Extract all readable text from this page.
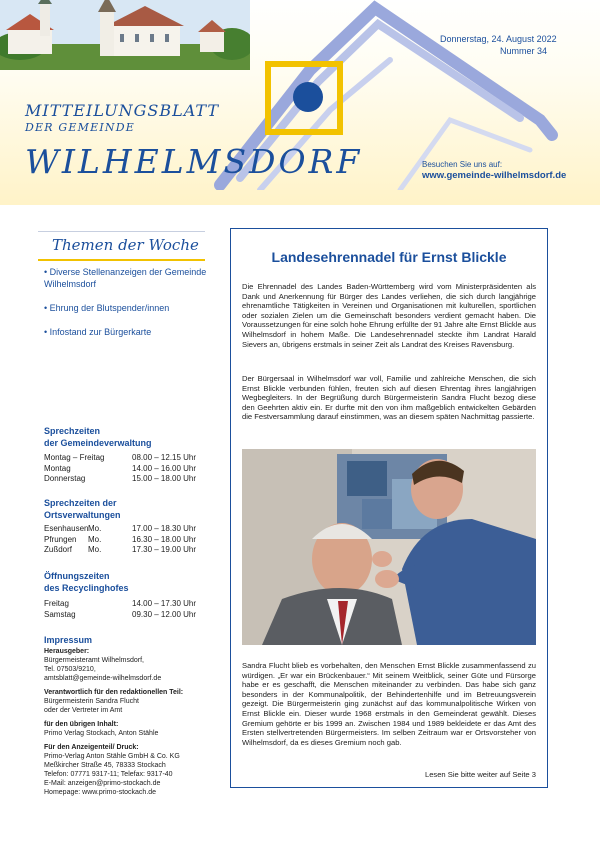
Donnerstag, 24. August 2022
Nummer 34
MITTEILUNGSBLATT
DER GEMEINDE
WILHELMSDORF	Besuchen Sie uns auf:
www.gemeinde-wilhelmsdorf.de
Themen der Woche
• Diverse Stellenanzeigen der Gemeinde Wilhelmsdorf
• Ehrung der Blutspender/innen
• Infostand zur Bürgerkarte
Sprechzeiten
der Gemeindeverwaltung
Montag – Freitag	08.00 – 12.15 Uhr
Montag	14.00 – 16.00 Uhr
Donnerstag	15.00 – 18.00 Uhr
Sprechzeiten der
Ortsverwaltungen
Esenhausen Mo.	17.00 – 18.30 Uhr
Pfrungen	Mo.	16.30 – 18.00 Uhr
Zußdorf	Mo.	17.30 – 19.00 Uhr
Öffnungszeiten
des Recyclinghofes
Freitag	14.00 – 17.30 Uhr
Samstag	09.30 – 12.00 Uhr
Impressum
Herausgeber:
Bürgermeisteramt Wilhelmsdorf,
Tel. 07503/9210,
amtsblatt@gemeinde-wilhelmsdorf.de
Verantwortlich für den redaktionellen Teil:
Bürgermeisterin Sandra Flucht
oder der Vertreter im Amt
für den übrigen Inhalt:
Primo Verlag Stockach, Anton Stähle
Für den Anzeigenteil/ Druck:
Primo-Verlag Anton Stähle GmbH & Co. KG
Meßkircher Straße 45, 78333 Stockach
Telefon: 07771 9317-11; Telefax: 9317-40
E-Mail: anzeigen@primo-stockach.de
Homepage: www.primo-stockach.de
Landesehrennadel für Ernst Blickle
Die Ehrennadel des Landes Baden-Württemberg wird vom Ministerpräsidenten als Dank und Anerkennung für Bürger des Landes verliehen, die sich durch langjährige ehrenamtliche Tätigkeiten in Vereinen und Organisationen mit kulturellen, sportlichen oder sozialen Zielen um die Gemeinschaft besonders verdient gemacht haben. Die Voraussetzungen für eine solch hohe Ehrung erfüllte der 91 Jahre alte Ernst Blickle aus Wilhelmsdorf in hohem Maße. Die Landesehrennadel steckte ihm Landrat Harald Sievers an, übrigens erstmals in seiner Zeit als Landrat des Kreises Ravensburg.
Der Bürgersaal in Wilhelmsdorf war voll, Familie und zahlreiche Menschen, die sich Ernst Blickle verbunden fühlen, freuten sich auf diesen Ehrentag ihres langjährigen Wegbegleiters. In der Begrüßung durch Bürgermeisterin Sandra Flucht bezog diese den Geehrten aktiv ein. Er durfte mit den von ihm maßgeblich entwickelten Gebärden die Festversammlung darauf einstimmen, was an diesem späten Nachmittag passierte.
Sandra Flucht blieb es vorbehalten, den Menschen Ernst Blickle zusammenfassend zu würdigen. „Er war ein Brückenbauer.“ Mit seinem Weitblick, seiner Güte und Fürsorge habe er es geschafft, die Menschen miteinander zu verbinden. Das habe sich ganz besonders in der Kommunalpolitik, der Behindertenhilfe und im Betreuungsverein gezeigt. Die Bürgermeisterin ging zunächst auf das kommunalpolitische Wirken von Ernst Blickle ein. Dieser wurde 1968 erstmals in den Gemeinderat gewählt. Dieses Gremium gehörte er bis 1999 an. Zwischen 1984 und 1989 bekleidete er das Amt des Ersten stellvertretenden Bürgermeisters. Im selben Zeitraum war er Ortsvorsteher von Wilhelmsdorf, da es dieses Gremium noch gab.
Lesen Sie bitte weiter auf Seite 3
